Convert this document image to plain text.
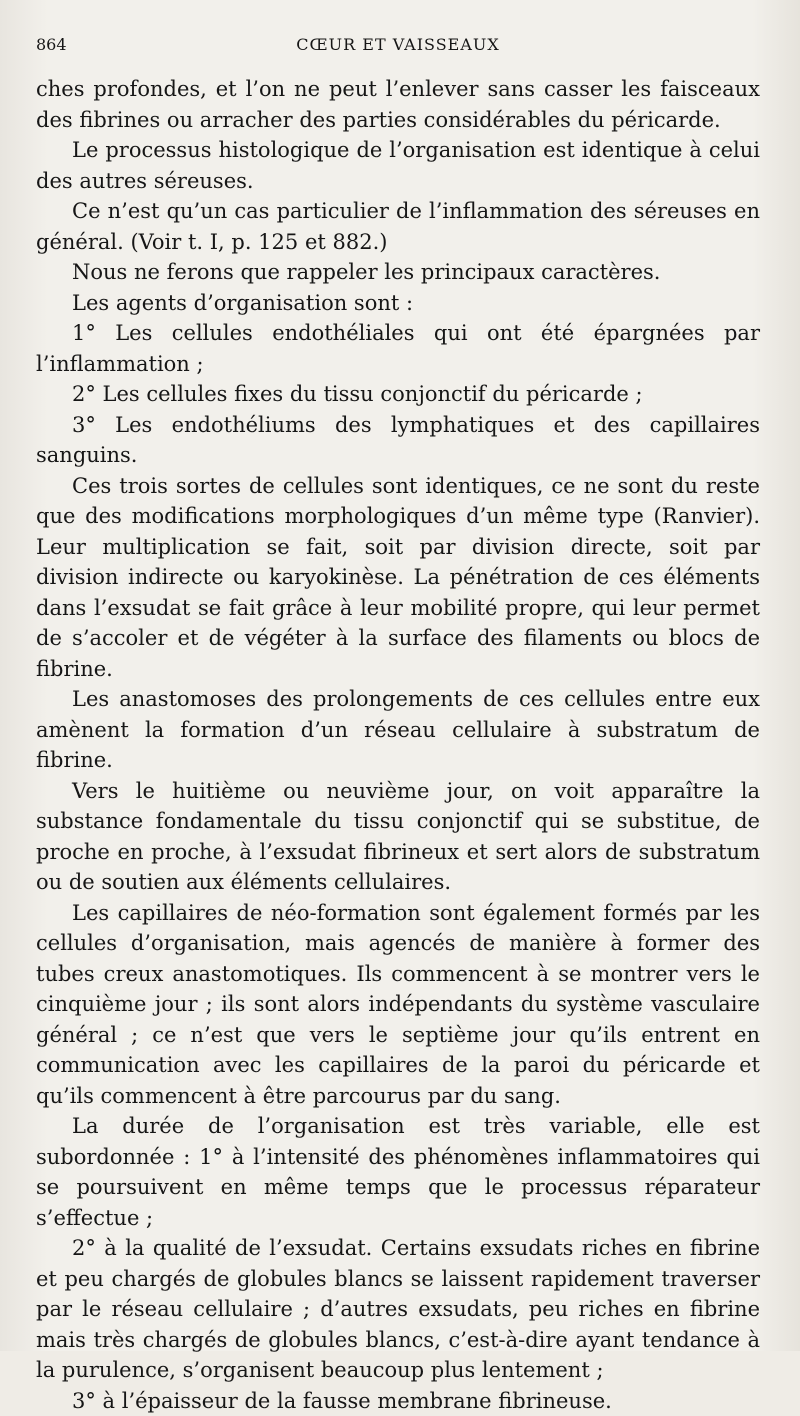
864	CŒUR ET VAISSEAUX

ches profondes, et l’on ne peut l’enlever sans casser les faisceaux des fibrines ou arracher des parties considérables du péricarde.

Le processus histologique de l’organisation est identique à celui des autres séreuses.

Ce n’est qu’un cas particulier de l’inflammation des séreuses en général. (Voir t. I, p. 125 et 882.)

Nous ne ferons que rappeler les principaux caractères.

Les agents d’organisation sont :

1° Les cellules endothéliales qui ont été épargnées par l’inflammation ;

2° Les cellules fixes du tissu conjonctif du péricarde ;

3° Les endothéliums des lymphatiques et des capillaires sanguins.

Ces trois sortes de cellules sont identiques, ce ne sont du reste que des modifications morphologiques d’un même type (Ranvier). Leur multiplication se fait, soit par division directe, soit par division indirecte ou karyokinèse. La pénétration de ces éléments dans l’exsudat se fait grâce à leur mobilité propre, qui leur permet de s’accoler et de végéter à la surface des filaments ou blocs de fibrine.

Les anastomoses des prolongements de ces cellules entre eux amènent la formation d’un réseau cellulaire à substratum de fibrine.

Vers le huitième ou neuvième jour, on voit apparaître la substance fondamentale du tissu conjonctif qui se substitue, de proche en proche, à l’exsudat fibrineux et sert alors de substratum ou de soutien aux éléments cellulaires.

Les capillaires de néo-formation sont également formés par les cellules d’organisation, mais agencés de manière à former des tubes creux anastomotiques. Ils commencent à se montrer vers le cinquième jour ; ils sont alors indépendants du système vasculaire général ; ce n’est que vers le septième jour qu’ils entrent en communication avec les capillaires de la paroi du péricarde et qu’ils commencent à être parcourus par du sang.

La durée de l’organisation est très variable, elle est subordonnée : 1° à l’intensité des phénomènes inflammatoires qui se poursuivent en même temps que le processus réparateur s’effectue ;

2° à la qualité de l’exsudat. Certains exsudats riches en fibrine et peu chargés de globules blancs se laissent rapidement traverser par le réseau cellulaire ; d’autres exsudats, peu riches en fibrine mais très chargés de globules blancs, c’est-à-dire ayant tendance à la purulence, s’organisent beaucoup plus lentement ;

3° à l’épaisseur de la fausse membrane fibrineuse.
